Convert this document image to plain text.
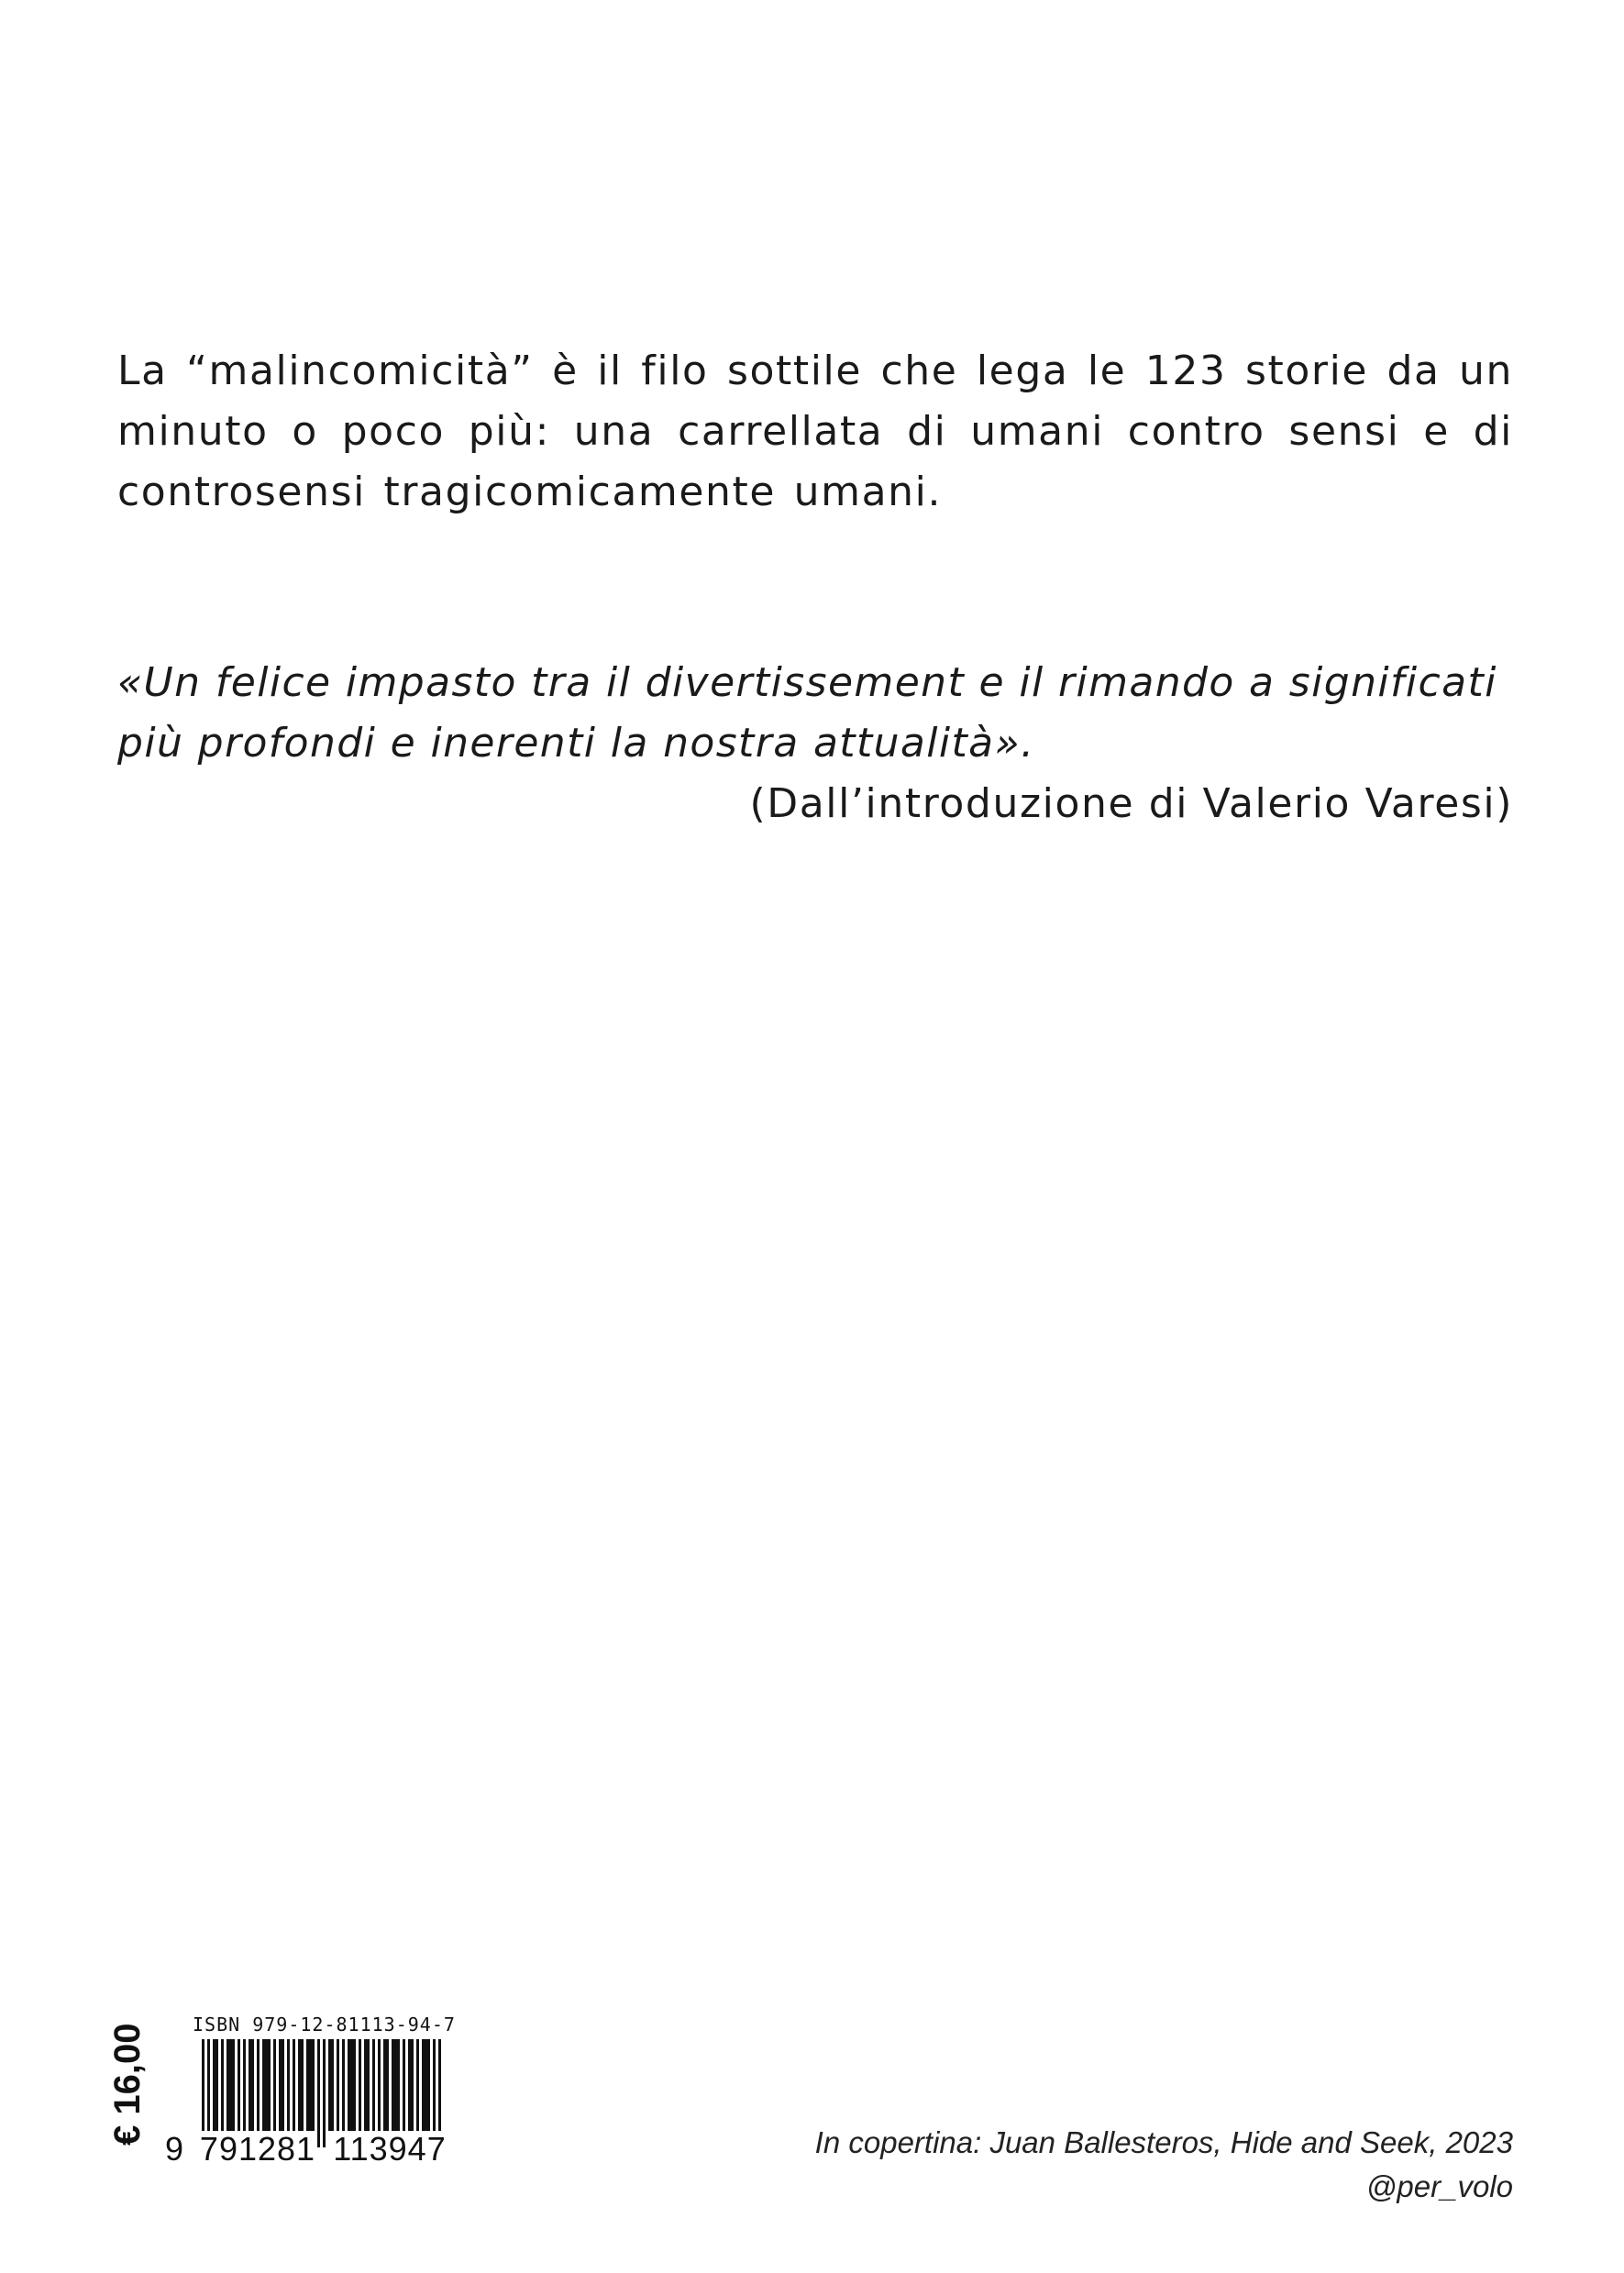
La “malincomicità” è il filo sottile che lega le 123 storie da un minuto o poco più: una carrellata di umani contro sensi e di controsensi tragicomicamente umani.

«Un felice impasto tra il divertissement e il rimando a significati
più profondi e inerenti la nostra attualità».

(Dall’introduzione di Valerio Varesi)

€ 16,00 ISBN 979-12-81113-94-7
9 791281 113947	In copertina: Juan Ballesteros, Hide and Seek, 2023
@per_volo
